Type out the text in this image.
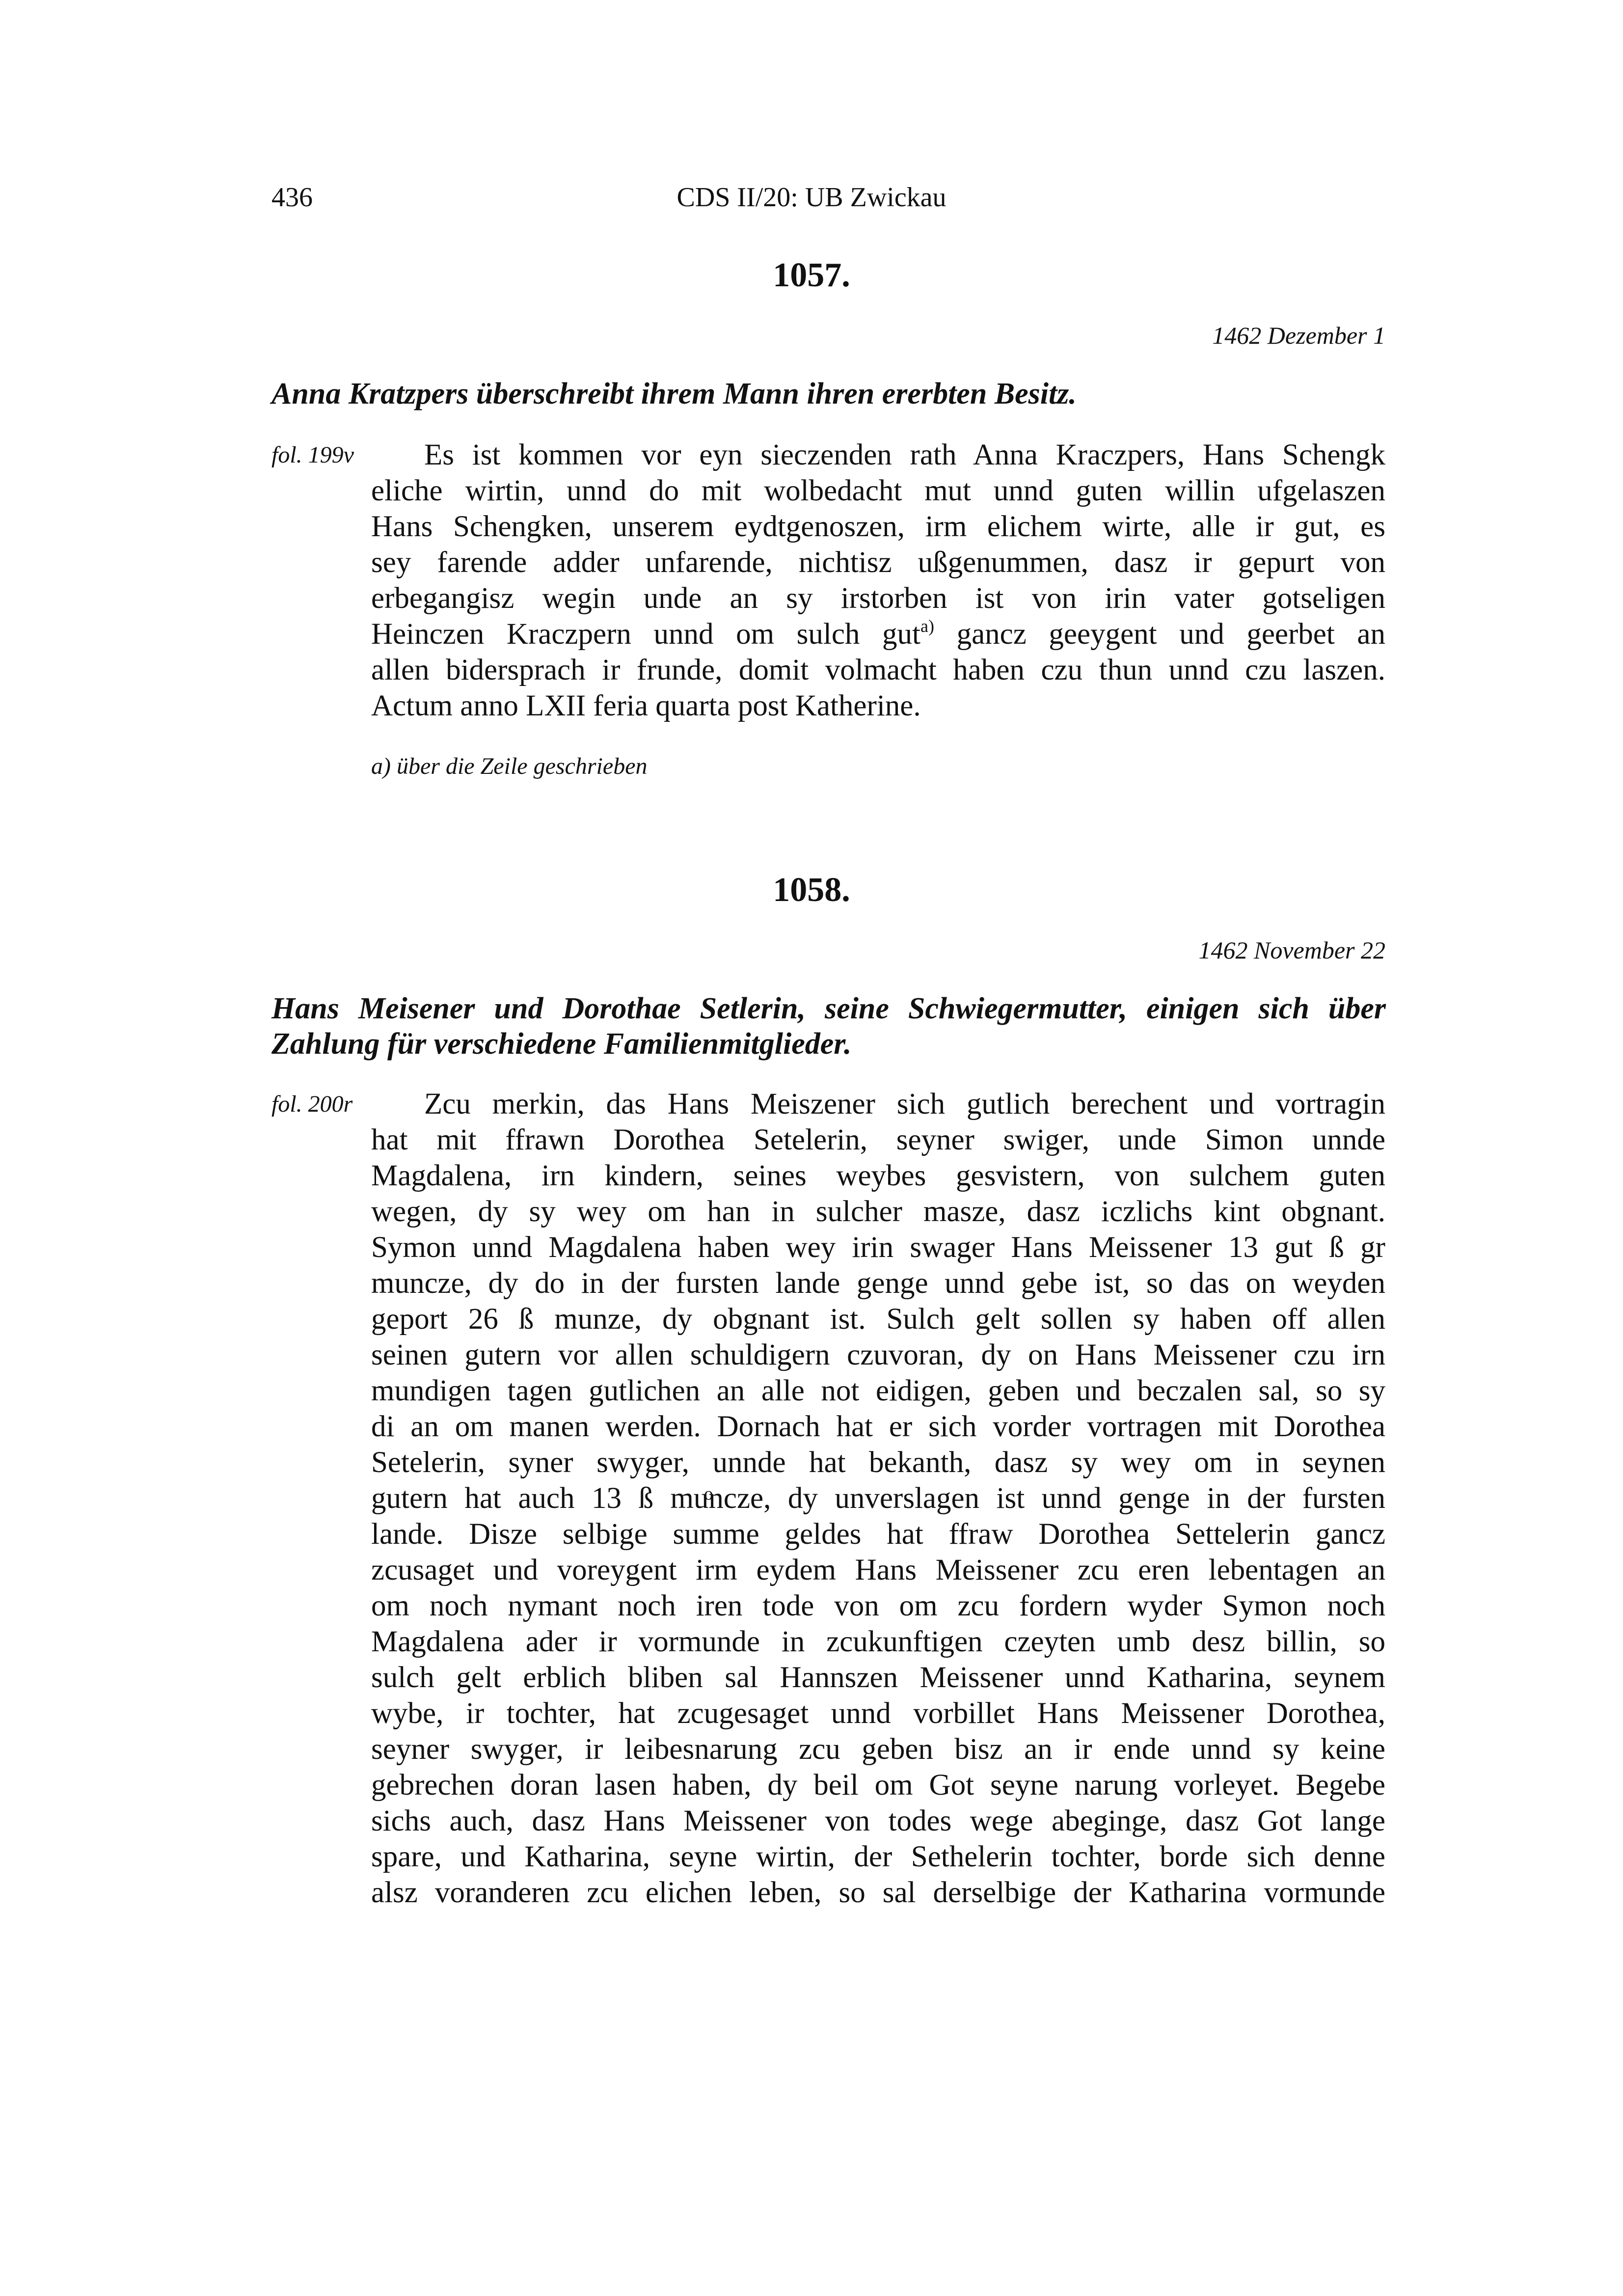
436	CDS II/20: UB Zwickau
1057.
1462 Dezember 1
Anna Kratzpers überschreibt ihrem Mann ihren ererbten Besitz.
fol. 199v	Es ist kommen vor eyn sieczenden rath Anna Kraczpers, Hans Schengk
eliche wirtin, unnd do mit wolbedacht mut unnd guten willin ufgelaszen
Hans Schengken, unserem eydtgenoszen, irm elichem wirte, alle ir gut, es
sey farende adder unfarende, nichtisz ußgenummen, dasz ir gepurt von
erbegangisz wegin unde an sy irstorben ist von irin vater gotseligen
Heinczen Kraczpern unnd om sulch gut$^{a)}$ gancz geeygent und geerbet an
allen bidersprach ir frunde, domit volmacht haben czu thun unnd czu laszen.
Actum anno LXII feria quarta post Katherine.
a) über die Zeile geschrieben
1058.
1462 November 22
Hans Meisener und Dorothae Setlerin, seine Schwiegermutter, einigen sich über
Zahlung für verschiedene Familienmitglieder.
fol. 200r	Zcu merkin, das Hans Meiszener sich gutlich berechent und vortragin
hat mit ffrawn Dorothea Setelerin, seyner swiger, unde Simon unnde
Magdalena, irn kindern, seines weybes gesvistern, von sulchem guten
wegen, dy sy wey om han in sulcher masze, dasz iczlichs kint obgnant.
Symon unnd Magdalena haben wey irin swager Hans Meissener 13 gut ß gr
muncze, dy do in der fursten lande genge unnd gebe ist, so das on weyden
geport 26 ß munze, dy obgnant ist. Sulch gelt sollen sy haben off allen
seinen gutern vor allen schuldigern czuvoran, dy on Hans Meissener czu irn
mundigen tagen gutlichen an alle not eidigen, geben und beczalen sal, so sy
di an om manen werden. Dornach hat er sich vorder vortragen mit Dorothea
Setelerin, syner swyger, unnde hat bekanth, dasz sy wey om in seynen
gutern hat auch 13 ß muͦncze, dy unverslagen ist unnd genge in der fursten
lande. Disze selbige summe geldes hat ffraw Dorothea Settelerin gancz
zcusaget und voreygent irm eydem Hans Meissener zcu eren lebentagen an
om noch nymant noch iren tode von om zcu fordern wyder Symon noch
Magdalena ader ir vormunde in zcukunftigen czeyten umb desz billin, so
sulch gelt erblich bliben sal Hannszen Meissener unnd Katharina, seynem
wybe, ir tochter, hat zcugesaget unnd vorbillet Hans Meissener Dorothea,
seyner swyger, ir leibesnarung zcu geben bisz an ir ende unnd sy keine
gebrechen doran lasen haben, dy beil om Got seyne narung vorleyet. Begebe
sichs auch, dasz Hans Meissener von todes wege abeginge, dasz Got lange
spare, und Katharina, seyne wirtin, der Sethelerin tochter, borde sich denne
alsz voranderen zcu elichen leben, so sal derselbige der Katharina vormunde
